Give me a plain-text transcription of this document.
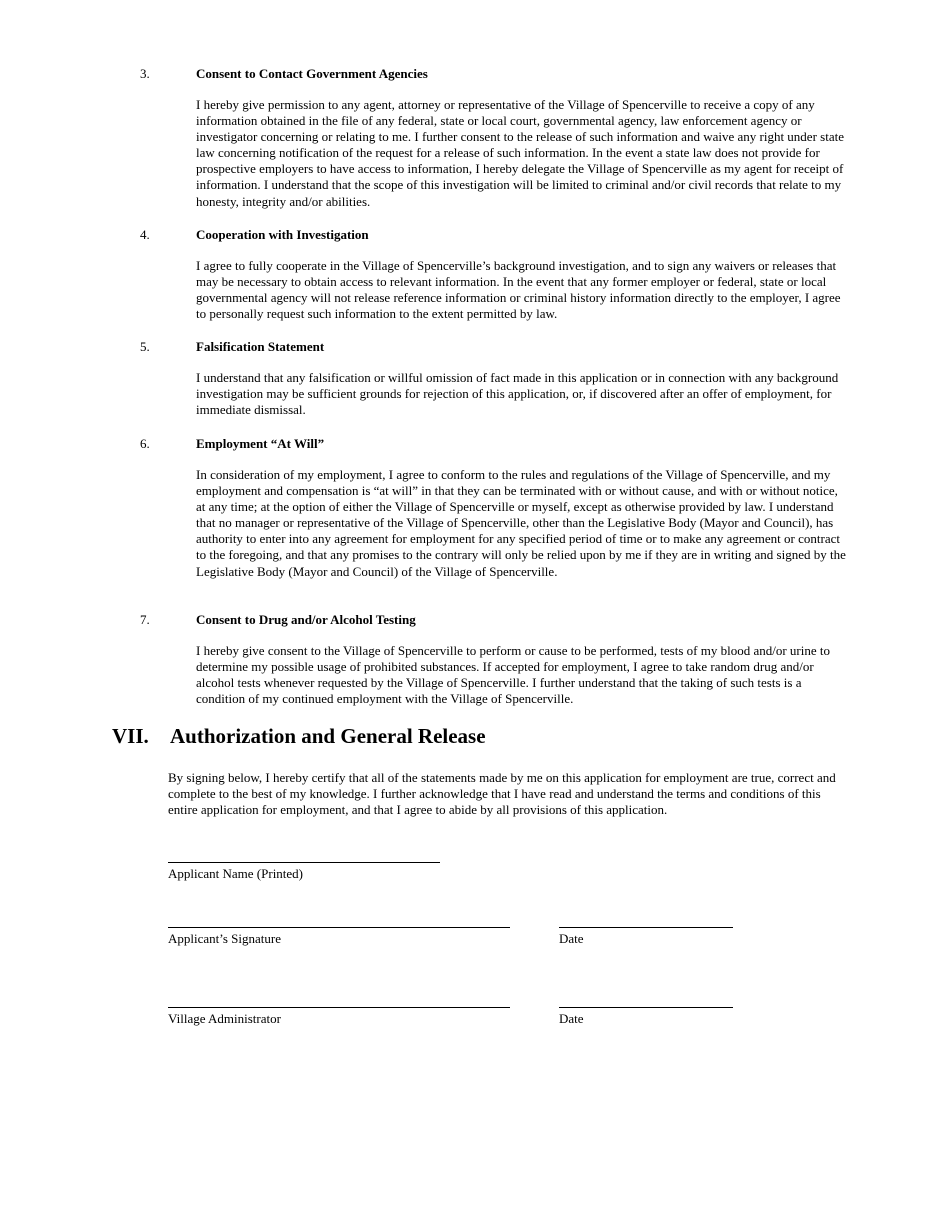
3.	Consent to Contact Government Agencies
I hereby give permission to any agent, attorney or representative of the Village of Spencerville to receive a copy of any information obtained in the file of any federal, state or local court, governmental agency, law enforcement agency or investigator concerning or relating to me. I further consent to the release of such information and waive any right under state law concerning notification of the request for a release of such information. In the event a state law does not provide for prospective employers to have access to information, I hereby delegate the Village of Spencerville as my agent for receipt of information. I understand that the scope of this investigation will be limited to criminal and/or civil records that relate to my honesty, integrity and/or abilities.
4.	Cooperation with Investigation
I agree to fully cooperate in the Village of Spencerville’s background investigation, and to sign any waivers or releases that may be necessary to obtain access to relevant information. In the event that any former employer or federal, state or local governmental agency will not release reference information or criminal history information directly to the employer, I agree to personally request such information to the extent permitted by law.
5.	Falsification Statement
I understand that any falsification or willful omission of fact made in this application or in connection with any background investigation may be sufficient grounds for rejection of this application, or, if discovered after an offer of employment, for immediate dismissal.
6.	Employment “At Will”
In consideration of my employment, I agree to conform to the rules and regulations of the Village of Spencerville, and my employment and compensation is “at will” in that they can be terminated with or without cause, and with or without notice, at any time; at the option of either the Village of Spencerville or myself, except as otherwise provided by law. I understand that no manager or representative of the Village of Spencerville, other than the Legislative Body (Mayor and Council), has authority to enter into any agreement for employment for any specified period of time or to make any agreement or contract to the foregoing, and that any promises to the contrary will only be relied upon by me if they are in writing and signed by the Legislative Body (Mayor and Council) of the Village of Spencerville.
7.	Consent to Drug and/or Alcohol Testing
I hereby give consent to the Village of Spencerville to perform or cause to be performed, tests of my blood and/or urine to determine my possible usage of prohibited substances. If accepted for employment, I agree to take random drug and/or alcohol tests whenever requested by the Village of Spencerville. I further understand that the taking of such tests is a condition of my continued employment with the Village of Spencerville.
VII. Authorization and General Release
By signing below, I hereby certify that all of the statements made by me on this application for employment are true, correct and complete to the best of my knowledge. I further acknowledge that I have read and understand the terms and conditions of this entire application for employment, and that I agree to abide by all provisions of this application.
Applicant Name (Printed)
Applicant’s Signature	Date
Village Administrator	Date
